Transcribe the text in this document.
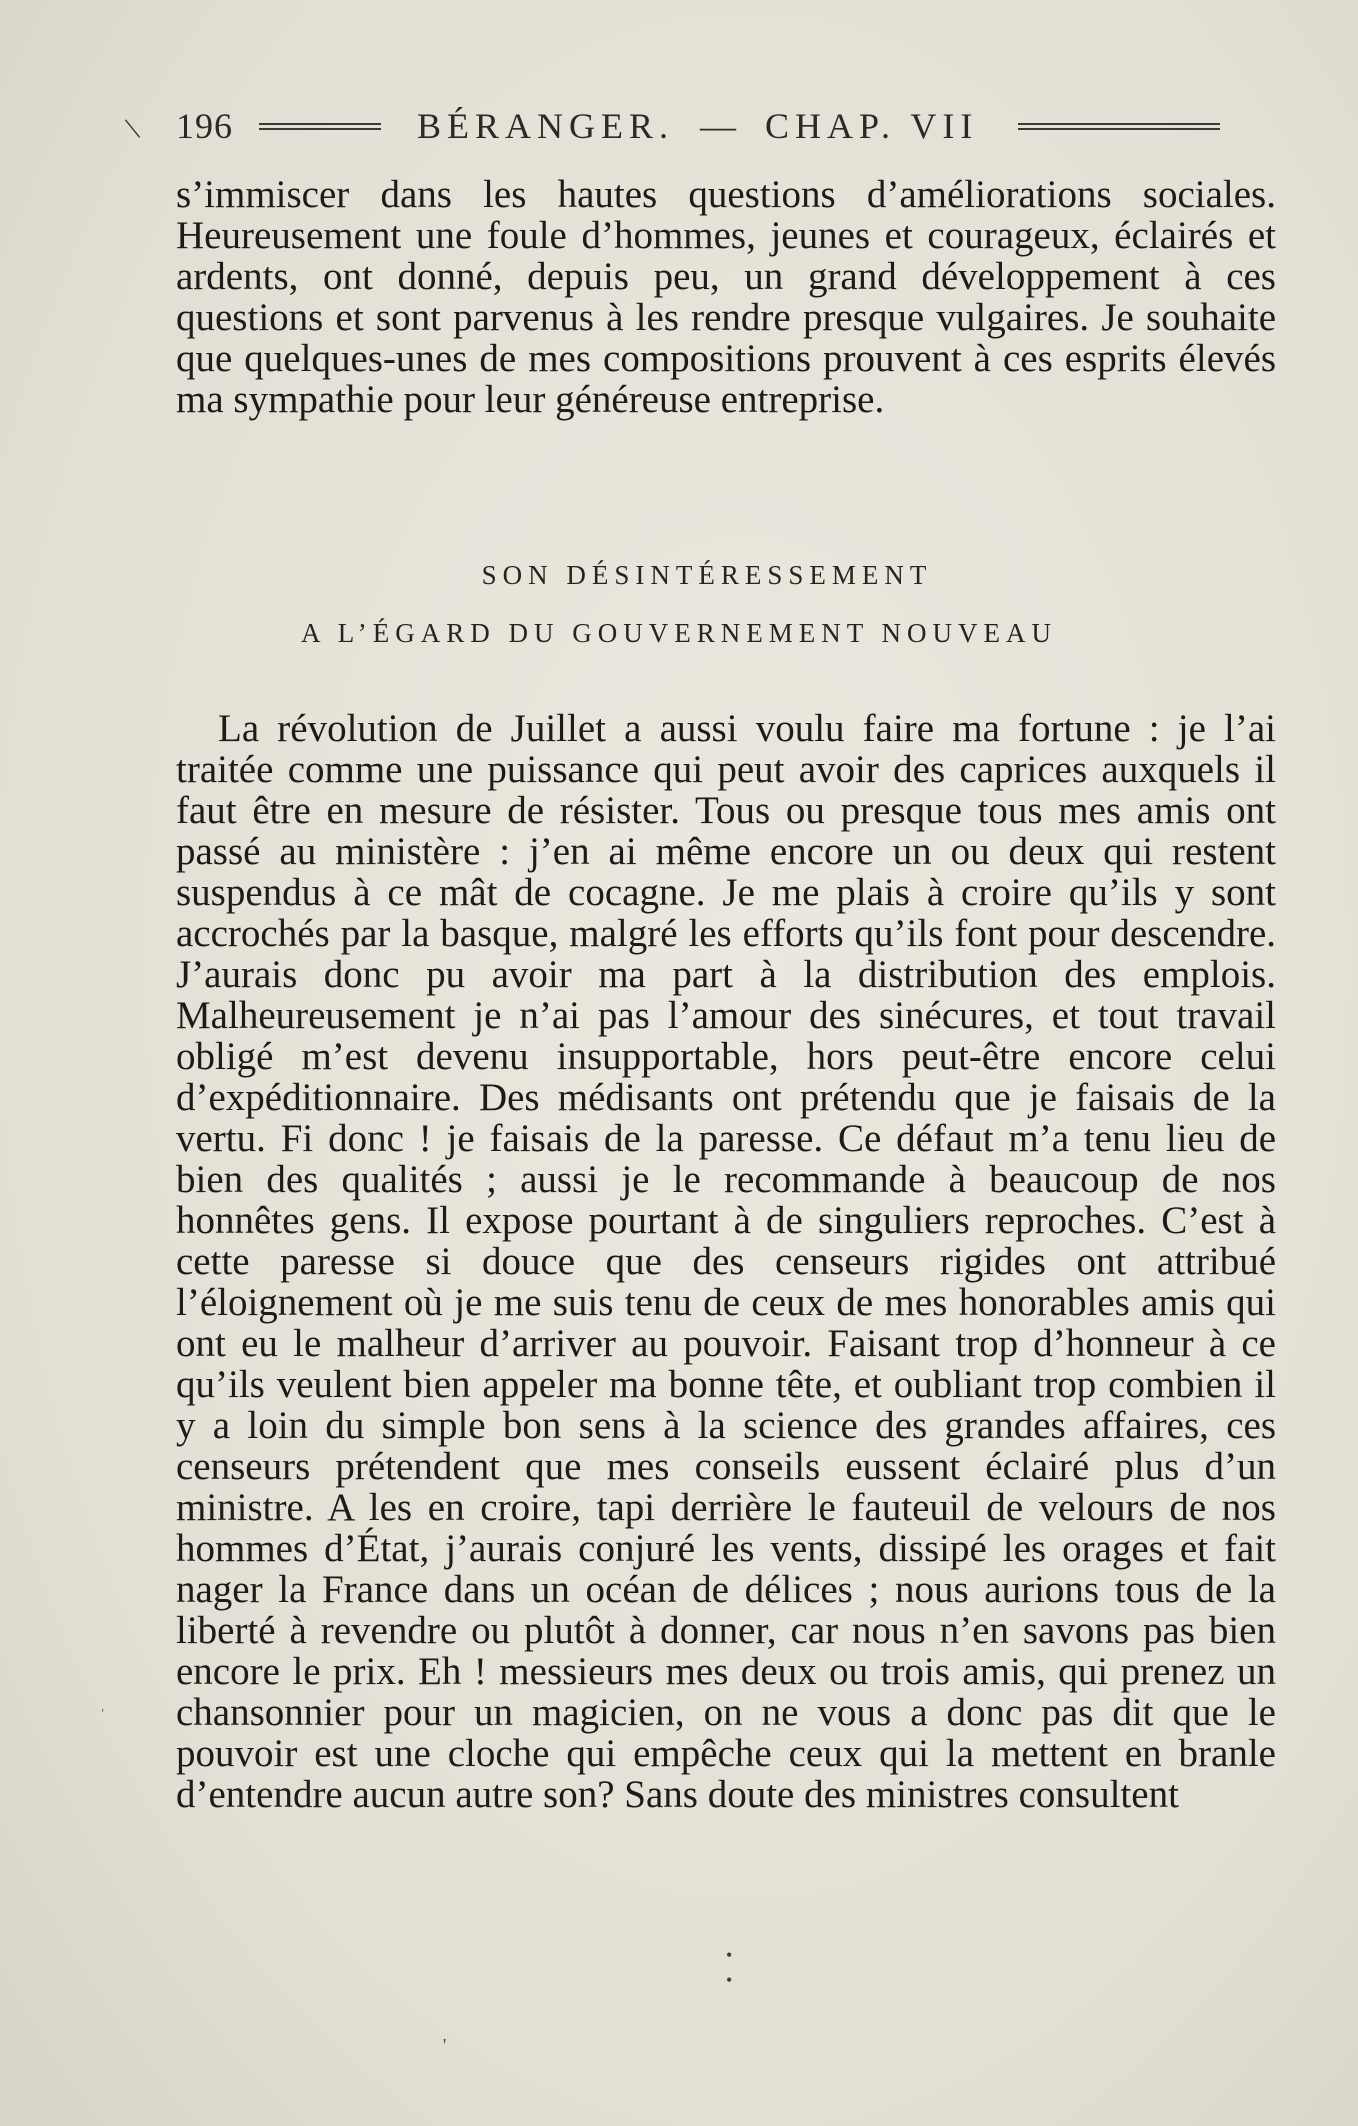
\ 196	BÉRANGER. — CHAP. VII

s’immiscer dans les hautes questions d’améliorations sociales. Heureusement une foule d’hommes, jeunes et courageux, éclairés et ardents, ont donné, depuis peu, un grand développement à ces questions et sont parvenus à les rendre presque vulgaires. Je souhaite que quelques-unes de mes compositions prouvent à ces esprits élevés ma sympathie pour leur généreuse entreprise.

SON DÉSINTÉRESSEMENT
A L’ÉGARD DU GOUVERNEMENT NOUVEAU

La révolution de Juillet a aussi voulu faire ma fortune : je l’ai traitée comme une puissance qui peut avoir des caprices auxquels il faut être en mesure de résister. Tous ou presque tous mes amis ont passé au ministère : j’en ai même encore un ou deux qui restent suspendus à ce mât de cocagne. Je me plais à croire qu’ils y sont accrochés par la basque, malgré les efforts qu’ils font pour descendre. J’aurais donc pu avoir ma part à la distribution des emplois. Malheureusement je n’ai pas l’amour des sinécures, et tout travail obligé m’est devenu insupportable, hors peut-être encore celui d’expéditionnaire. Des médisants ont prétendu que je faisais de la vertu. Fi donc ! je faisais de la paresse. Ce défaut m’a tenu lieu de bien des qualités ; aussi je le recommande à beaucoup de nos honnêtes gens. Il expose pourtant à de singuliers reproches. C’est à cette paresse si douce que des censeurs rigides ont attribué l’éloignement où je me suis tenu de ceux de mes honorables amis qui ont eu le malheur d’arriver au pouvoir. Faisant trop d’honneur à ce qu’ils veulent bien appeler ma bonne tête, et oubliant trop combien il y a loin du simple bon sens à la science des grandes affaires, ces censeurs prétendent que mes conseils eussent éclairé plus d’un ministre. A les en croire, tapi derrière le fauteuil de velours de nos hommes d’État, j’aurais conjuré les vents, dissipé les orages et fait nager la France dans un océan de délices ; nous aurions tous de la liberté à revendre ou plutôt à donner, car nous n’en savons pas bien encore le prix. Eh ! messieurs mes deux ou trois amis, qui prenez un chansonnier pour un magicien, on ne vous a donc pas dit que le pouvoir est une cloche qui empêche ceux qui la mettent en branle d’entendre aucun autre son? Sans doute des ministres consultent

ˌ
•
•
'
